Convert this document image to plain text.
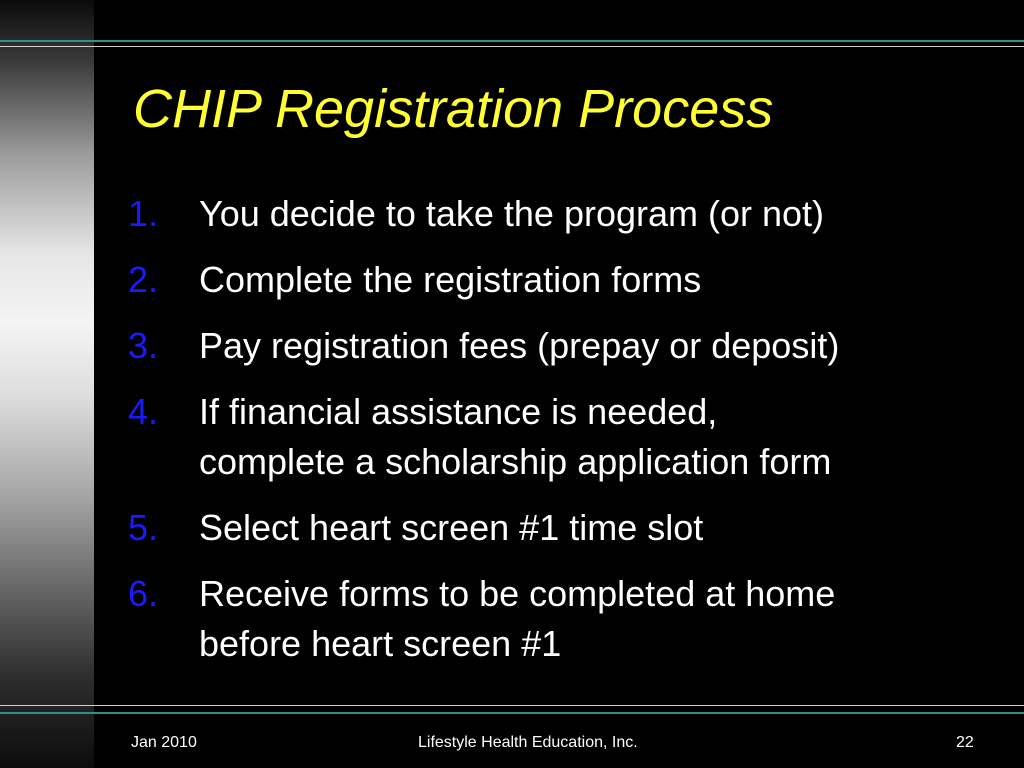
CHIP Registration Process
1.	You decide to take the program (or not)
2.	Complete the registration forms
3.	Pay registration fees (prepay or deposit)
4.	If financial assistance is needed,
complete a scholarship application form
5.	Select heart screen #1 time slot
6.	Receive forms to be completed at home
before heart screen #1
Jan 2010	Lifestyle Health Education, Inc.	22
